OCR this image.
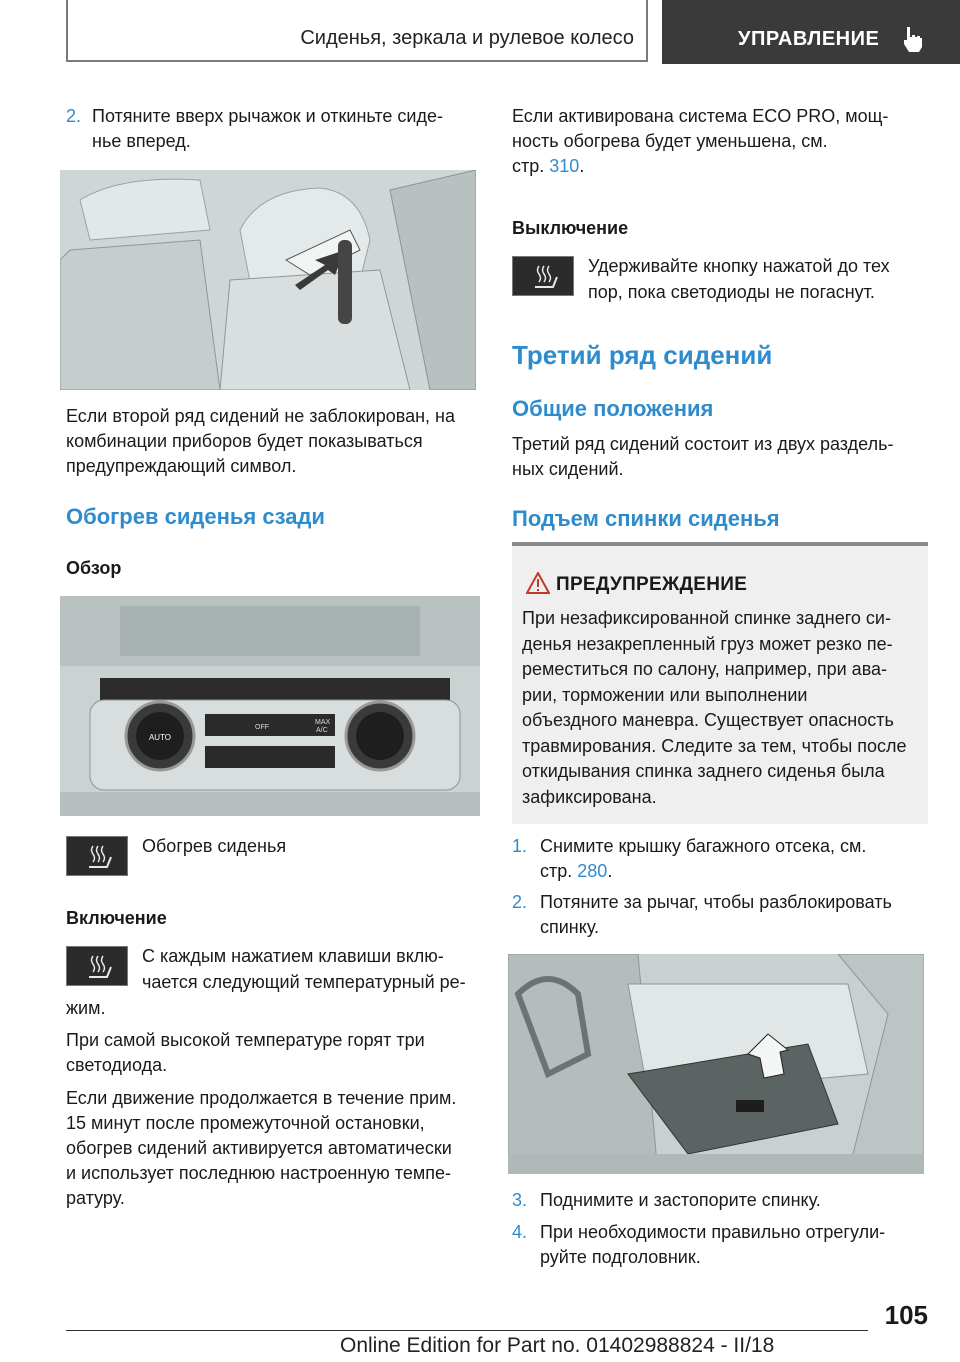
Сиденья, зеркала и рулевое колесо	УПРАВЛЕНИЕ
2. Потяните вверх рычажок и откиньте сиде-
нье вперед.
Если второй ряд сидений не заблокирован, на
комбинации приборов будет показываться
предупреждающий символ.
Обогрев сиденья сзади
Обзор
AUTO
OFF
MAX
A/C
Обогрев сиденья
Включение
С каждым нажатием клавиши вклю-
чается следующий температурный ре-
жим.
При самой высокой температуре горят три
светодиода.
Если движение продолжается в течение прим.
15 минут после промежуточной остановки,
обогрев сидений активируется автоматически
и использует последнюю настроенную темпе-
ратуру.
Если активирована система ECO PRO, мощ-
ность обогрева будет уменьшена, см.
стр. 310.
Выключение
Удерживайте кнопку нажатой до тех
пор, пока светодиоды не погаснут.
Третий ряд сидений
Общие положения
Третий ряд сидений состоит из двух раздель-
ных сидений.
Подъем спинки сиденья
ПРЕДУПРЕЖДЕНИЕ
При незафиксированной спинке заднего си-
денья незакрепленный груз может резко пе-
реместиться по салону, например, при ава-
рии, торможении или выполнении
объездного маневра. Существует опасность
травмирования. Следите за тем, чтобы после
откидывания спинка заднего сиденья была
зафиксирована.
1. Снимите крышку багажного отсека, см.
стр. 280.
2. Потяните за рычаг, чтобы разблокировать
спинку.
3. Поднимите и застопорите спинку.
4. При необходимости правильно отрегули-
руйте подголовник.
105
Online Edition for Part no. 01402988824 - II/18
